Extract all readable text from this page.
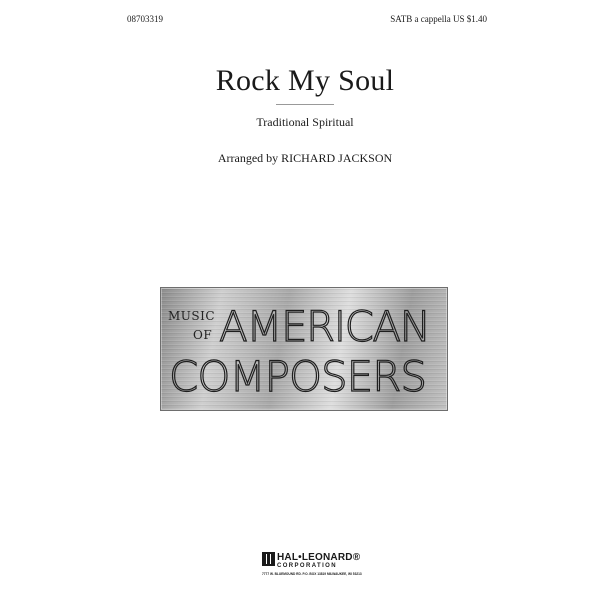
08703319	SATB a cappella US $1.40
Rock My Soul
Traditional Spiritual
Arranged by RICHARD JACKSON
MUSIC
OF AMERICAN
COMPOSERS
HAL•LEONARD®
CORPORATION
7777 W. BLUEMOUND RD. P.O. BOX 13819 MILWAUKEE, WI 53213
